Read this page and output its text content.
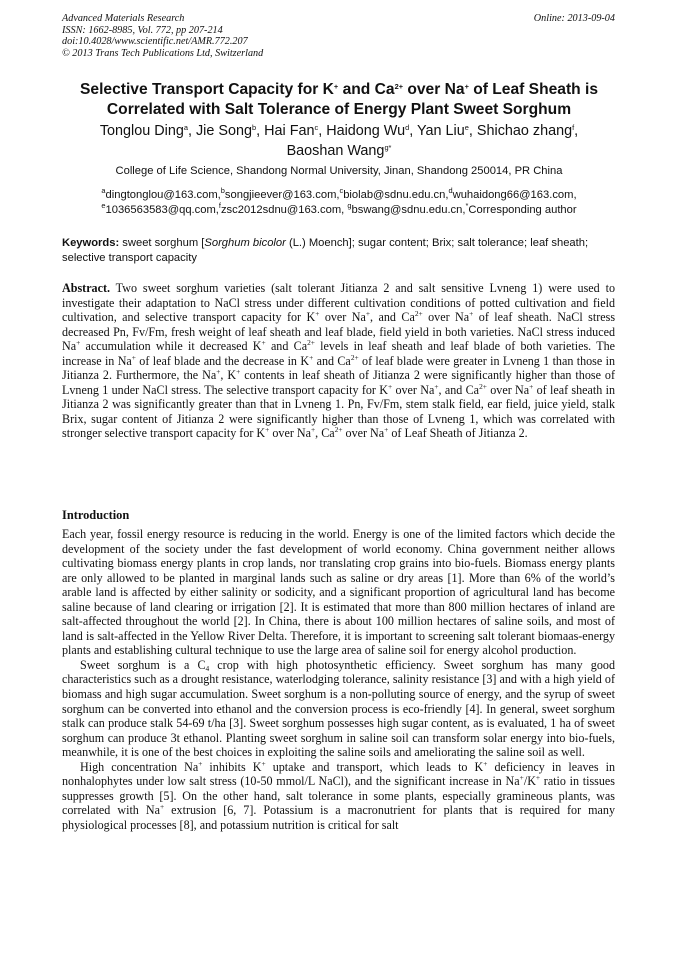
Advanced Materials Research
ISSN: 1662-8985, Vol. 772, pp 207-214
doi:10.4028/www.scientific.net/AMR.772.207
© 2013 Trans Tech Publications Ltd, Switzerland
Online: 2013-09-04
Selective Transport Capacity for K+ and $Ca^{2+}$ over Na+ of Leaf Sheath is Correlated with Salt Tolerance of Energy Plant Sweet Sorghum
Tonglou Ding$^a$, Jie Song$^b$, Hai Fan$^c$, Haidong Wu$^d$, Yan Liu$^e$, Shichao zhang$^f$,
Baoshan Wang$^{g*}$
College of Life Science, Shandong Normal University, Jinan, Shandong 250014, PR China
$^a$dingtonglou@163.com,$^b$songjieever@163.com,$^c$biolab@sdnu.edu.cn,$^d$wuhaidong66@163.com,
$^e$1036563583@qq.com,$^f$zsc2012sdnu@163.com, $^g$bswang@sdnu.edu.cn,*Corresponding author
Keywords: sweet sorghum [Sorghum bicolor (L.) Moench]; sugar content; Brix; salt tolerance; leaf sheath; selective transport capacity
Abstract. Two sweet sorghum varieties (salt tolerant Jitianza 2 and salt sensitive Lvneng 1) were used to investigate their adaptation to NaCl stress under different cultivation conditions of potted cultivation and field cultivation, and selective transport capacity for K+ over Na+, and $Ca^{2+}$ over Na+ of leaf sheath. NaCl stress decreased Pn, Fv/Fm, fresh weight of leaf sheath and leaf blade, field yield in both varieties. NaCl stress induced Na+ accumulation while it decreased K+ and $Ca^{2+}$ levels in leaf sheath and leaf blade of both varieties. The increase in Na+ of leaf blade and the decrease in K+ and $Ca^{2+}$ of leaf blade were greater in Lvneng 1 than those in Jitianza 2. Furthermore, the Na+, K+ contents in leaf sheath of Jitianza 2 were significantly higher than those of Lvneng 1 under NaCl stress. The selective transport capacity for K+ over Na+, and $Ca^{2+}$ over Na+ of leaf sheath in Jitianza 2 was significantly greater than that in Lvneng 1. Pn, Fv/Fm, stem stalk field, ear field, juice yield, stalk Brix, sugar content of Jitianza 2 were significantly higher than those of Lvneng 1, which was correlated with stronger selective transport capacity for K+ over Na+, $Ca^{2+}$ over Na+ of Leaf Sheath of Jitianza 2.
Introduction

Each year, fossil energy resource is reducing in the world. Energy is one of the limited factors which decide the development of the society under the fast development of world economy. China government neither allows cultivating biomass energy plants in crop lands, nor translating crop grains into bio-fuels. Biomass energy plants are only allowed to be planted in marginal lands such as saline or dry areas [1]. More than 6% of the world’s arable land is affected by either salinity or sodicity, and a significant proportion of agricultural land has become saline because of land clearing or irrigation [2]. It is estimated that more than 800 million hectares of inland are salt-affected throughout the world [2]. In China, there is about 100 million hectares of saline soils, and most of land is salt-affected in the Yellow River Delta. Therefore, it is important to screening salt tolerant biomaas-energy plants and establishing cultural technique to use the large area of saline soil for energy alcohol production.

Sweet sorghum is a $C_4$ crop with high photosynthetic efficiency. Sweet sorghum has many good characteristics such as a drought resistance, waterlodging tolerance, salinity resistance [3] and with a high yield of biomass and high sugar accumulation. Sweet sorghum is a non-polluting source of energy, and the syrup of sweet sorghum can be converted into ethanol and the conversion process is eco-friendly [4]. In general, sweet sorghum stalk can produce stalk 54-69 t/ha [3]. Sweet sorghum possesses high sugar content, as is evaluated, 1 ha of sweet sorghum can produce 3t ethanol. Planting sweet sorghum in saline soil can transform solar energy into bio-fuels, meanwhile, it is one of the best choices in exploiting the saline soils and ameliorating the saline soil as well.

High concentration Na+ inhibits K+ uptake and transport, which leads to K+ deficiency in leaves in nonhalophytes under low salt stress (10-50 mmol/L NaCl), and the significant increase in Na+/K+ ratio in tissues suppresses growth [5]. On the other hand, salt tolerance in some plants, especially gramineous plants, was correlated with Na+ extrusion [6, 7]. Potassium is a macronutrient for plants that is required for many physiological processes [8], and potassium nutrition is critical for salt
